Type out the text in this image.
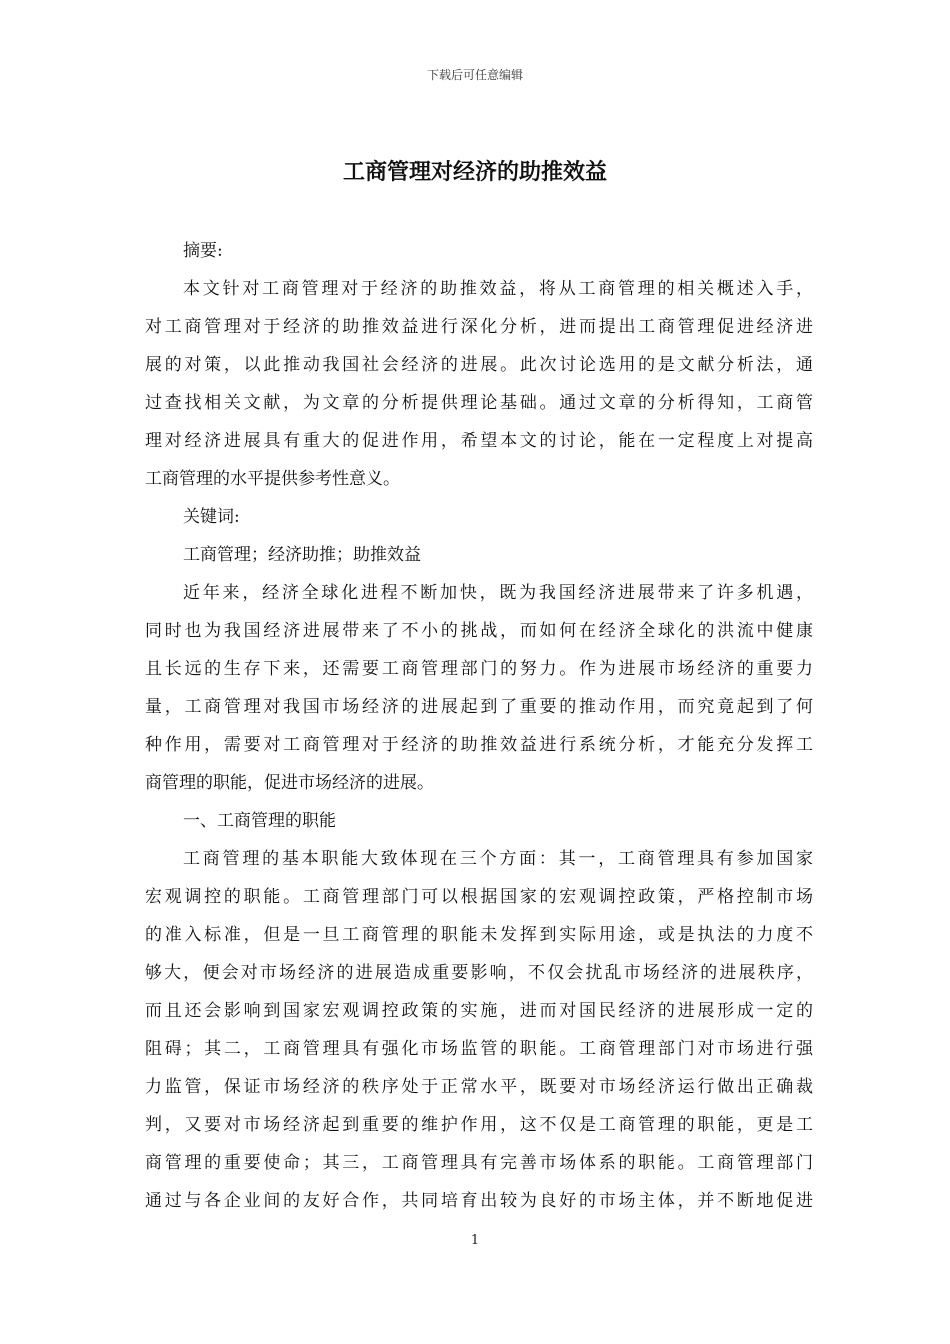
下载后可任意编辑
工商管理对经济的助推效益
摘要:
本文针对工商管理对于经济的助推效益，将从工商管理的相关概述入手，
对工商管理对于经济的助推效益进行深化分析，进而提出工商管理促进经济进
展的对策，以此推动我国社会经济的进展。此次讨论选用的是文献分析法，通
过查找相关文献，为文章的分析提供理论基础。通过文章的分析得知，工商管
理对经济进展具有重大的促进作用，希望本文的讨论，能在一定程度上对提高
工商管理的水平提供参考性意义。
关键词:
工商管理；经济助推；助推效益
近年来，经济全球化进程不断加快，既为我国经济进展带来了许多机遇，
同时也为我国经济进展带来了不小的挑战，而如何在经济全球化的洪流中健康
且长远的生存下来，还需要工商管理部门的努力。作为进展市场经济的重要力
量，工商管理对我国市场经济的进展起到了重要的推动作用，而究竟起到了何
种作用，需要对工商管理对于经济的助推效益进行系统分析，才能充分发挥工
商管理的职能，促进市场经济的进展。
一、工商管理的职能
工商管理的基本职能大致体现在三个方面：其一，工商管理具有参加国家
宏观调控的职能。工商管理部门可以根据国家的宏观调控政策，严格控制市场
的准入标准，但是一旦工商管理的职能未发挥到实际用途，或是执法的力度不
够大，便会对市场经济的进展造成重要影响，不仅会扰乱市场经济的进展秩序，
而且还会影响到国家宏观调控政策的实施，进而对国民经济的进展形成一定的
阻碍；其二，工商管理具有强化市场监管的职能。工商管理部门对市场进行强
力监管，保证市场经济的秩序处于正常水平，既要对市场经济运行做出正确裁
判，又要对市场经济起到重要的维护作用，这不仅是工商管理的职能，更是工
商管理的重要使命；其三，工商管理具有完善市场体系的职能。工商管理部门
通过与各企业间的友好合作，共同培育出较为良好的市场主体，并不断地促进
1
